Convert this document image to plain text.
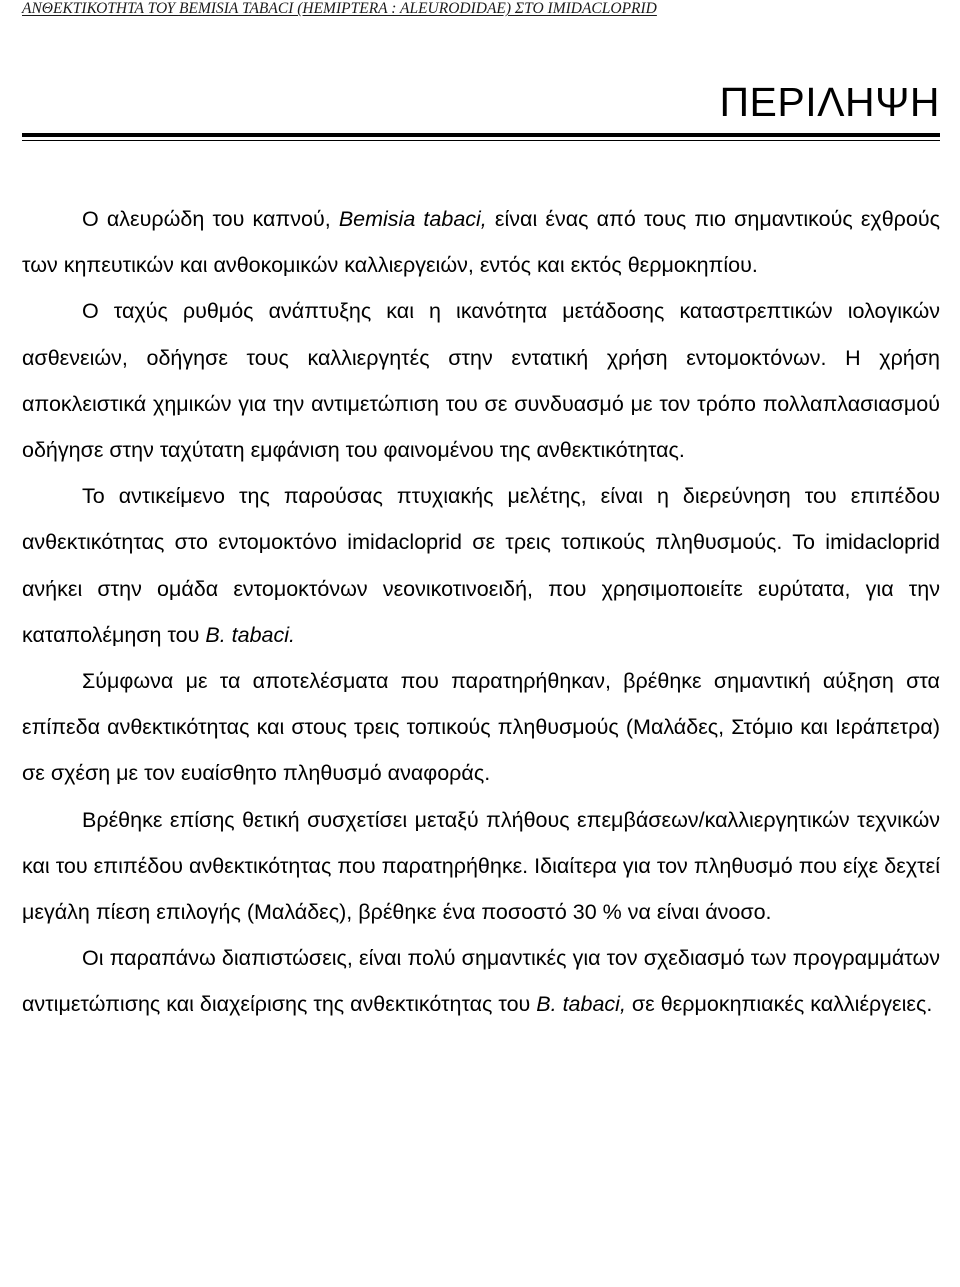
ΑΝΘΕΚΤΙΚΟΤΗΤΑ ΤΟΥ BEMISIA TABACI (HEMIPTERA : ALEURODIDAE) ΣΤΟ IMIDACLOPRID
ΠΕΡΙΛΗΨΗ

Ο αλευρώδη του καπνού, Bemisia tabaci, είναι ένας από τους πιο σημαντικούς εχθρούς των κηπευτικών και ανθοκομικών καλλιεργειών, εντός και εκτός θερμοκηπίου.

Ο ταχύς ρυθμός ανάπτυξης και η ικανότητα μετάδοσης καταστρεπτικών ιολογικών ασθενειών, οδήγησε τους καλλιεργητές στην εντατική χρήση εντομοκτόνων. Η χρήση αποκλειστικά χημικών για την αντιμετώπιση του σε συνδυασμό με τον τρόπο πολλαπλασιασμού οδήγησε στην ταχύτατη εμφάνιση του φαινομένου της ανθεκτικότητας.

Το αντικείμενο της παρούσας πτυχιακής μελέτης, είναι η διερεύνηση του επιπέδου ανθεκτικότητας στο εντομοκτόνο imidacloprid σε τρεις τοπικούς πληθυσμούς. Το imidacloprid ανήκει στην ομάδα εντομοκτόνων νεονικοτινοειδή, που χρησιμοποιείτε ευρύτατα, για την καταπολέμηση του B. tabaci.

Σύμφωνα με τα αποτελέσματα που παρατηρήθηκαν, βρέθηκε σημαντική αύξηση στα επίπεδα ανθεκτικότητας και στους τρεις τοπικούς πληθυσμούς (Μαλάδες, Στόμιο και Ιεράπετρα) σε σχέση με τον ευαίσθητο πληθυσμό αναφοράς.

Βρέθηκε επίσης θετική συσχετίσει μεταξύ πλήθους επεμβάσεων/καλλιεργητικών τεχνικών και του επιπέδου ανθεκτικότητας που παρατηρήθηκε. Ιδιαίτερα για τον πληθυσμό που είχε δεχτεί μεγάλη πίεση επιλογής (Μαλάδες), βρέθηκε ένα ποσοστό 30 % να είναι άνοσο.

Οι παραπάνω διαπιστώσεις, είναι πολύ σημαντικές για τον σχεδιασμό των προγραμμάτων αντιμετώπισης και διαχείρισης της ανθεκτικότητας του B. tabaci, σε θερμοκηπιακές καλλιέργειες.
